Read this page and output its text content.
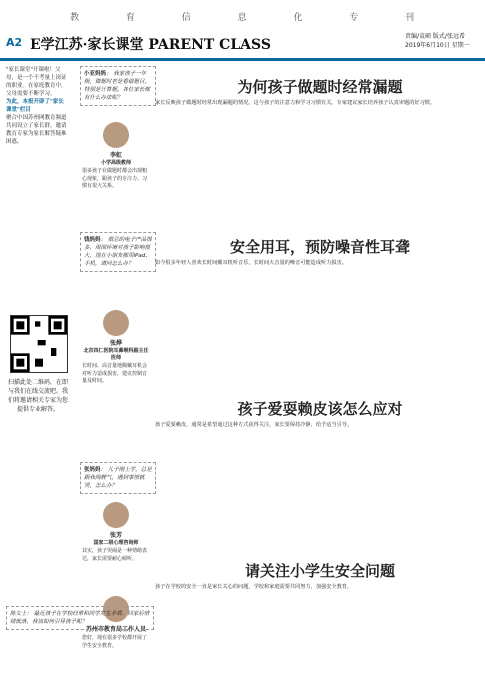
教 育 信 息 化 专 刊
A2 E学江苏·家长课堂 PARENT CLASS
责编/袁硕 版式/张远希
2019年6月10日 星期一
"家长课堂"开课啦！父母，是一个不考量上岗证的职业。在家庭教育中，父母需要不断学习。
为此，本报开辟了"家长课堂"栏目
聚合中国苏州网教育频道共同设立了家长群，邀请教育专家为家长解答疑难困惑。
扫描此处二维码，在即与我们在线交流吧。我们将邀请相关专家为您提供专业解答。
小亚妈妈： 我家孩子一年级，做题时老是看错题目，特别是计算题。各位家长都有什么办法呢？
钱妈妈： 很总的电子产品很多，周围环境对孩子影响很大，现在小朋友都用iPad、手机，请问怎么办？
张妈妈： 儿子刚上学，总是跟我闹脾气，遇到事情就哭，怎么办？
李虹
小学高级教师
很多孩子在做题时都会出现粗心现象，跟孩子的专注力、习惯有很大关系。
张烨
北京四仁医院耳鼻喉科副主任医师
长时间、高音量地佩戴耳机会对听力造成损害，建议控制音量及时间。
张芳
国家二级心理咨询师
其实，孩子哭闹是一种情绪表达，家长需要耐心倾听。
苏州市教育局工作人员
您好，现在很多学校都开展了学生安全教育。
为何孩子做题时经常漏题
家长反映孩子做题时经常出现漏题的情况，这与孩子的注意力和学习习惯有关。专家建议家长培养孩子认真审题的好习惯。
安全用耳，预防噪音性耳聋
如今很多年轻人喜欢长时间戴耳机听音乐，长时间大音量的噪音可能造成听力损害。
孩子爱耍赖皮该怎么应对
孩子爱耍赖皮，通常是希望通过这种方式获得关注，家长要保持冷静，给予适当引导。
请关注小学生安全问题
孩子在学校的安全一直是家长关心的问题，学校和家庭需要共同努力，加强安全教育。
陈女士： 最近孩子在学校经常和同学发生矛盾，回家后情绪低落，我该如何引导孩子呢？
